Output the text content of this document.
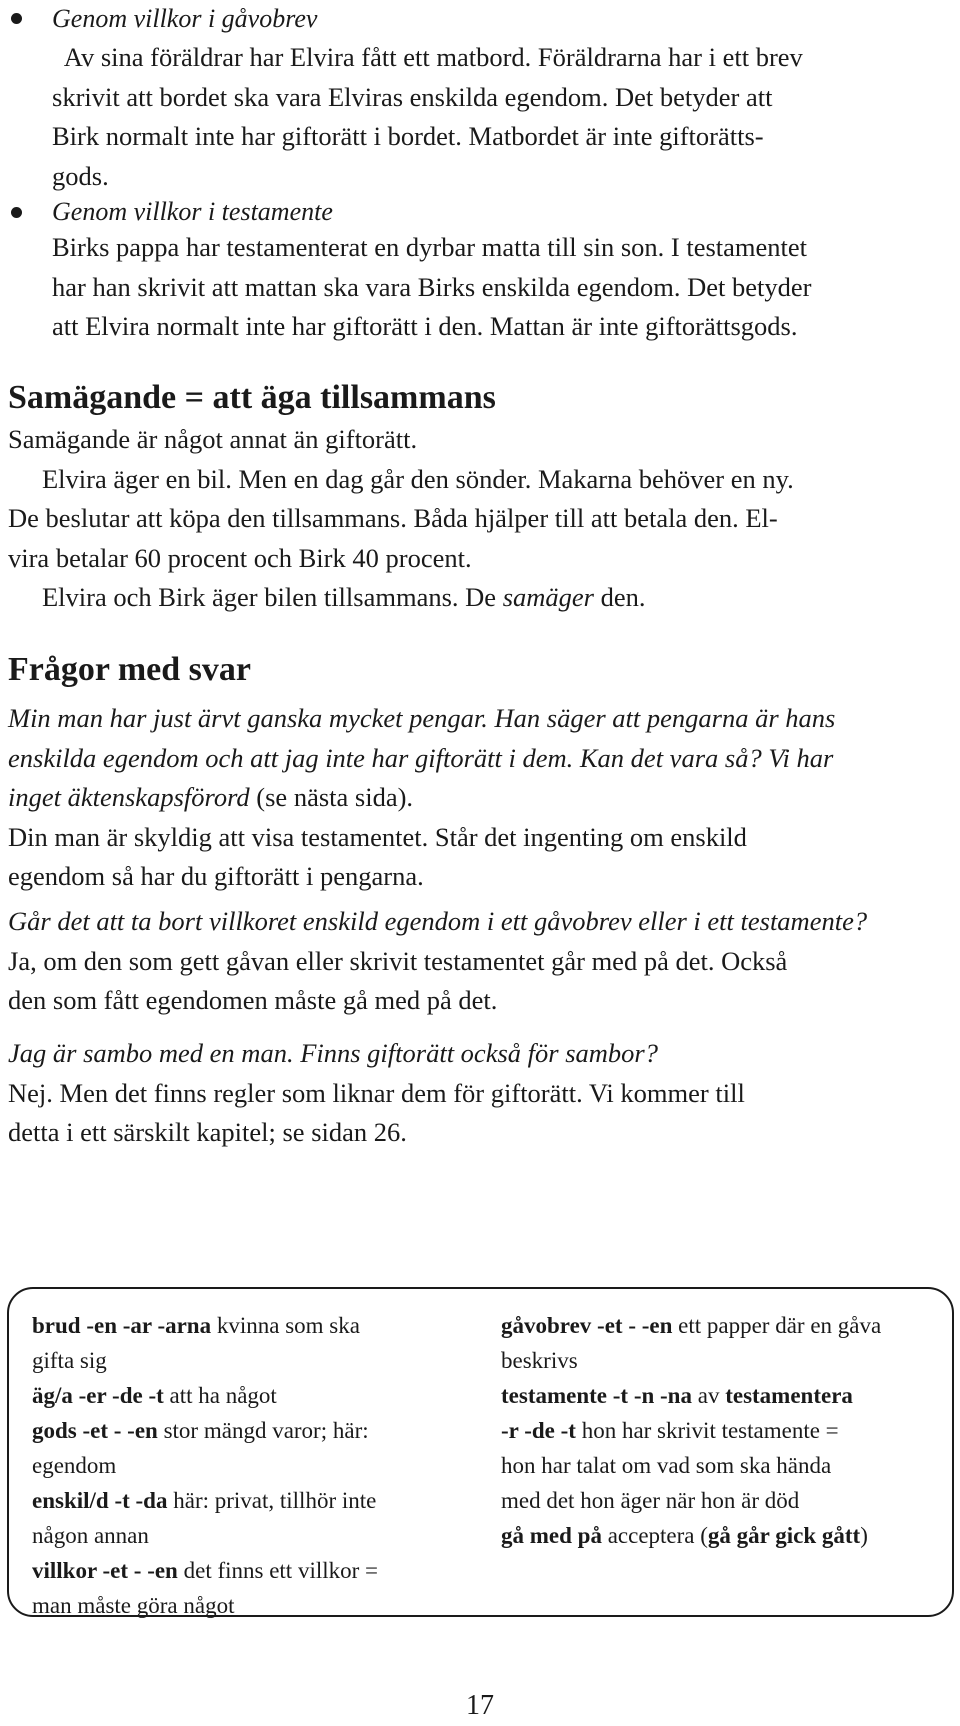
Genom villkor i gåvobrev
Av sina föräldrar har Elvira fått ett matbord. Föräldrarna har i ett brev
skrivit att bordet ska vara Elviras enskilda egendom. Det betyder att
Birk normalt inte har giftorätt i bordet. Matbordet är inte giftorätts-
gods.
Genom villkor i testamente
Birks pappa har testamenterat en dyrbar matta till sin son. I testamentet
har han skrivit att mattan ska vara Birks enskilda egendom. Det betyder
att Elvira normalt inte har giftorätt i den. Mattan är inte giftorättsgods.
Samägande = att äga tillsammans
Samägande är något annat än giftorätt.
Elvira äger en bil. Men en dag går den sönder. Makarna behöver en ny.
De beslutar att köpa den tillsammans. Båda hjälper till att betala den. El-
vira betalar 60 procent och Birk 40 procent.
Elvira och Birk äger bilen tillsammans. De samäger den.
Frågor med svar
Min man har just ärvt ganska mycket pengar. Han säger att pengarna är hans
enskilda egendom och att jag inte har giftorätt i dem. Kan det vara så? Vi har
inget äktenskapsförord (se nästa sida).
Din man är skyldig att visa testamentet. Står det ingenting om enskild
egendom så har du giftorätt i pengarna.
Går det att ta bort villkoret enskild egendom i ett gåvobrev eller i ett testamente?
Ja, om den som gett gåvan eller skrivit testamentet går med på det. Också
den som fått egendomen måste gå med på det.
Jag är sambo med en man. Finns giftorätt också för sambor?
Nej. Men det finns regler som liknar dem för giftorätt. Vi kommer till
detta i ett särskilt kapitel; se sidan 26.
brud -en -ar -arna kvinna som ska
gifta sig
äg/a -er -de -t att ha något
gods -et - -en stor mängd varor; här:
egendom
enskil/d -t -da här: privat, tillhör inte
någon annan
villkor -et - -en det finns ett villkor =
man måste göra något
gåvobrev -et - -en ett papper där en gåva
beskrivs
testamente -t -n -na av testamentera
-r -de -t hon har skrivit testamente =
hon har talat om vad som ska hända
med det hon äger när hon är död
gå med på acceptera (gå går gick gått)
17
